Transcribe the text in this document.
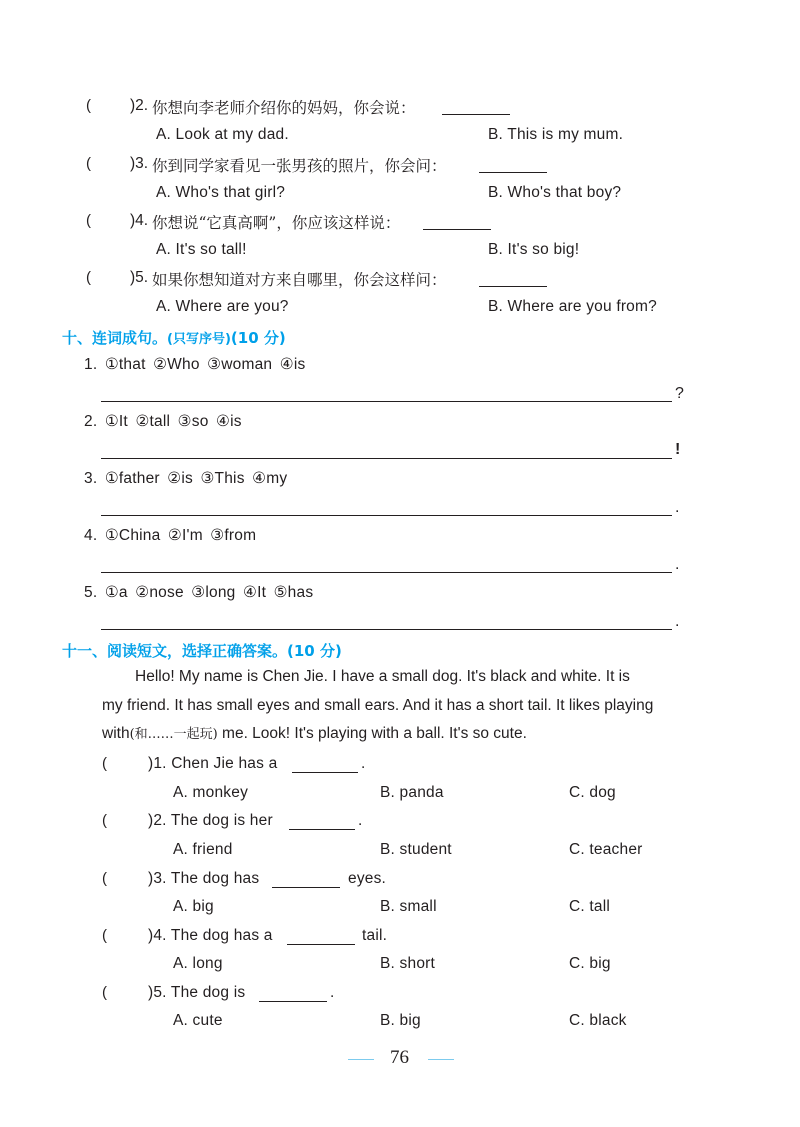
(	)2. 你想向李老师介绍你的妈妈，你会说：
A. Look at my dad.	B. This is my mum.
(	)3. 你到同学家看见一张男孩的照片，你会问：
A. Who's that girl?	B. Who's that boy?
(	)4. 你想说“它真高啊”，你应该这样说：
A. It's so tall!	B. It's so big!
(	)5. 如果你想知道对方来自哪里，你会这样问：
A. Where are you?	B. Where are you from?
十、连词成句。(只写序号)(10 分)
1. ①that ②Who ③woman ④is
?
2. ①It ②tall ③so ④is
!
3. ①father ②is ③This ④my
.
4. ①China ②I'm ③from
.
5. ①a ②nose ③long ④It ⑤has
.
十一、阅读短文，选择正确答案。(10 分)
Hello! My name is Chen Jie. I have a small dog. It's black and white. It is
my friend. It has small eyes and small ears. And it has a short tail. It likes playing
with(和……一起玩) me. Look! It's playing with a ball. It's so cute.
(	)1. Chen Jie has a	.
A. monkey	B. panda	C. dog
(	)2. The dog is her	.
A. friend	B. student	C. teacher
(	)3. The dog has	eyes.
A. big	B. small	C. tall
(	)4. The dog has a	tail.
A. long	B. short	C. big
(	)5. The dog is	.
A. cute	B. big	C. black
76
